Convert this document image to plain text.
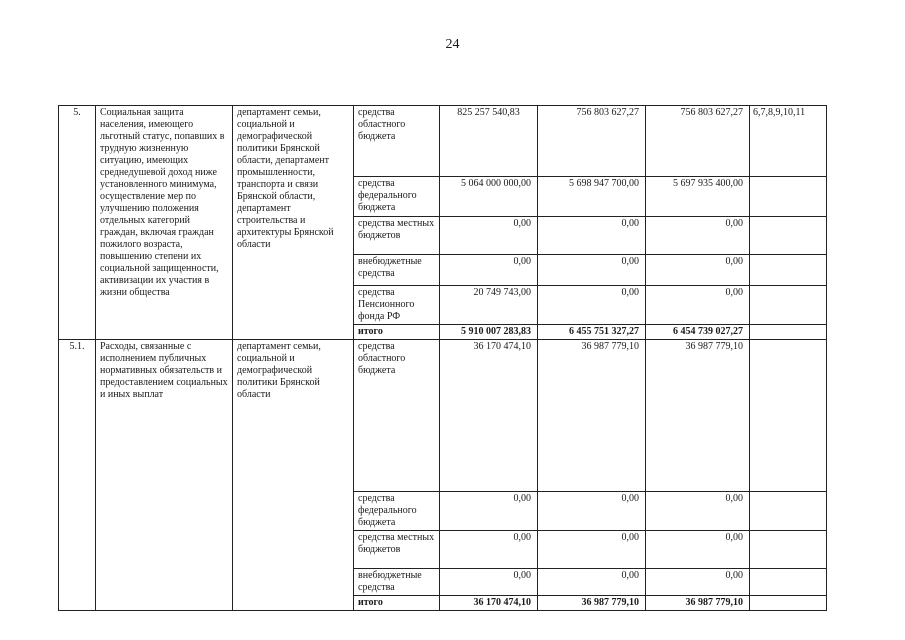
24
5.	Социальная защита населения, имеющего льготный статус, попавших в трудную жизненную ситуацию, имеющих среднедушевой доход ниже установленного минимума, осуществление мер по улучшению положения отдельных категорий граждан, включая граждан пожилого возраста, повышению степени их социальной защищенности, активизации их участия в жизни общества	департамент семьи, социальной и демографической политики Брянской области, департамент промышленности, транспорта и связи Брянской области, департамент строительства и архитектуры Брянской области	средства областного бюджета	825 257 540,83	756 803 627,27	756 803 627,27	6,7,8,9,10,11
			средства федерального бюджета	5 064 000 000,00	5 698 947 700,00	5 697 935 400,00	
			средства местных бюджетов	0,00	0,00	0,00	
			внебюджетные средства	0,00	0,00	0,00	
			средства Пенсионного фонда РФ	20 749 743,00	0,00	0,00	
			итого	5 910 007 283,83	6 455 751 327,27	6 454 739 027,27	
5.1.	Расходы, связанные с исполнением публичных нормативных обязательств и предоставлением социальных и иных выплат	департамент семьи, социальной и демографической политики Брянской области	средства областного бюджета	36 170 474,10	36 987 779,10	36 987 779,10	
			средства федерального бюджета	0,00	0,00	0,00	
			средства местных бюджетов	0,00	0,00	0,00	
			внебюджетные средства	0,00	0,00	0,00	
			итого	36 170 474,10	36 987 779,10	36 987 779,10	
